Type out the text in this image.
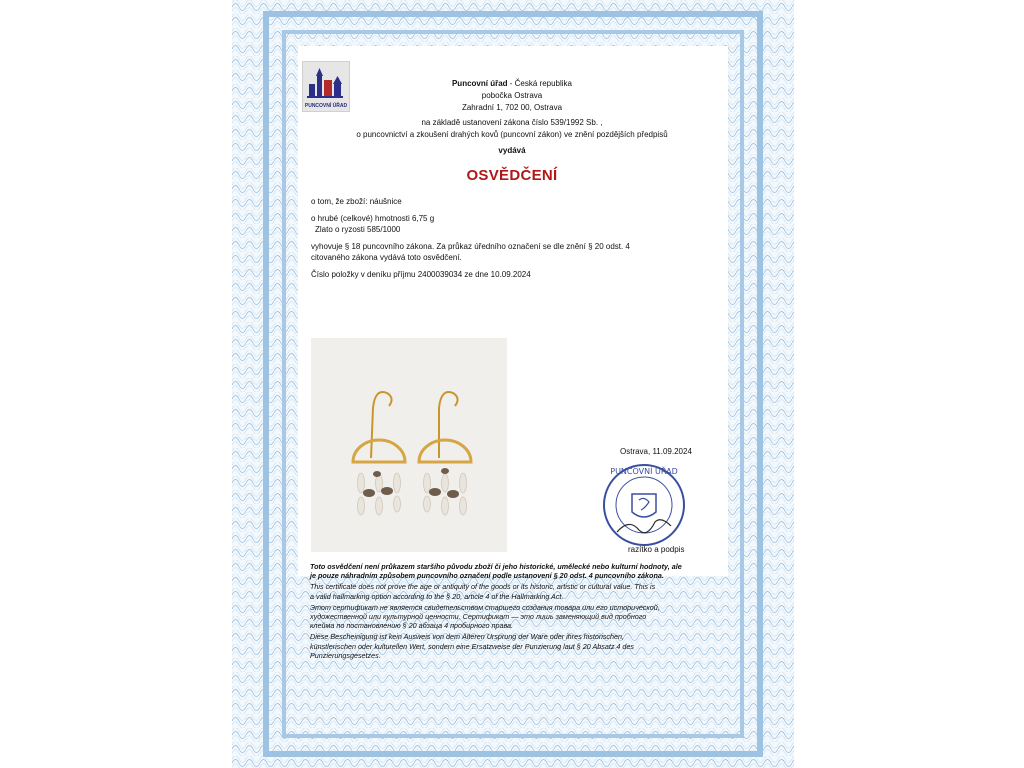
PUNCOVNÍ ÚŘAD
Puncovní úřad - Česká republika
pobočka Ostrava
Zahradní 1, 702 00, Ostrava
na základě ustanovení zákona číslo 539/1992 Sb. ,
o puncovnictví a zkoušení drahých kovů (puncovní zákon) ve znění pozdějších předpisů
vydává
OSVĚDČENÍ
o tom, že zboží: náušnice
o hrubé (celkové) hmotnosti 6,75 g
Zlato o ryzosti 585/1000
vyhovuje § 18 puncovního zákona. Za průkaz úředního označení se dle znění § 20 odst. 4
citovaného zákona vydává toto osvědčení.
Číslo položky v deníku příjmu 2400039034 ze dne 10.09.2024
Ostrava, 11.09.2024
PUNCOVNÍ ÚŘAD
razítko a podpis

Toto osvědčení není průkazem staršího původu zboží či jeho historické, umělecké nebo kulturní hodnoty, ale
je pouze náhradním způsobem puncovního označení podle ustanovení § 20 odst. 4 puncovního zákona.

This certificate does not prove the age or antiquity of the goods or its historic, artistic or cultural value. This is
a valid hallmarking option according to the § 20, article 4 of the Hallmarking Act.

Этот сертификат не является свидетельством старшего создания товара или его исторической,
художественной или культурной ценности. Сертификат — это лишь заменяющий вид пробного
клейма по постановлению § 20 абзаца 4 пробирного права.

Diese Bescheinigung ist kein Ausweis von dem Älteren Ursprung der Ware oder ihres historischen,
künstlerischen oder kulturellen Wert, sondern eine Ersatzweise der Punzierung laut § 20 Absatz 4 des
Punzierungsgesetzes.
